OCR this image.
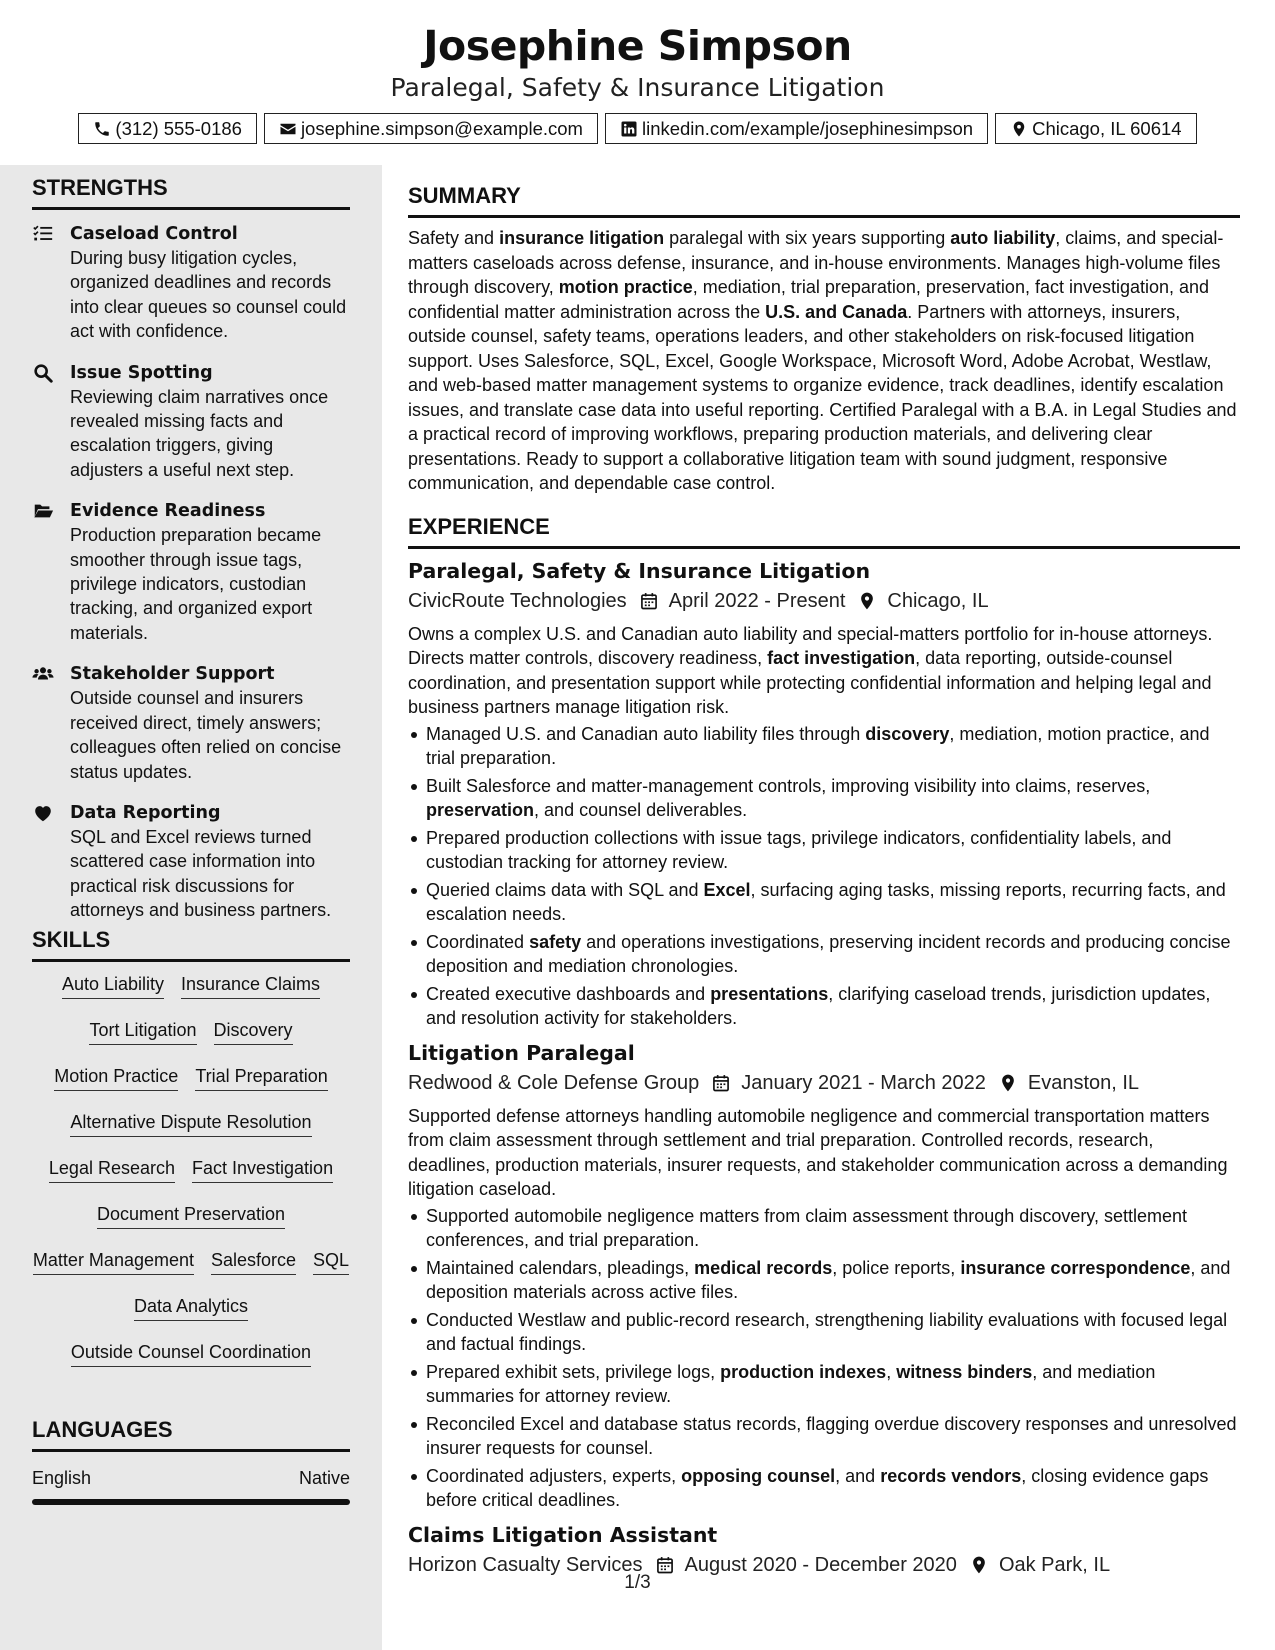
Josephine Simpson
Paralegal, Safety & Insurance Litigation
(312) 555-0186	josephine.simpson@example.com	linkedin.com/example/josephinesimpson	Chicago, IL 60614
STRENGTHS
Caseload Control
During busy litigation cycles, organized deadlines and records into clear queues so counsel could act with confidence.
Issue Spotting
Reviewing claim narratives once revealed missing facts and escalation triggers, giving adjusters a useful next step.
Evidence Readiness
Production preparation became smoother through issue tags, privilege indicators, custodian tracking, and organized export materials.
Stakeholder Support
Outside counsel and insurers received direct, timely answers; colleagues often relied on concise status updates.
Data Reporting
SQL and Excel reviews turned scattered case information into practical risk discussions for attorneys and business partners.
SKILLS
Auto Liability Insurance Claims
Tort Litigation Discovery
Motion Practice Trial Preparation
Alternative Dispute Resolution
Legal Research Fact Investigation
Document Preservation
Matter Management Salesforce SQL
Data Analytics
Outside Counsel Coordination
LANGUAGES
English	Native
SUMMARY

Safety and insurance litigation paralegal with six years supporting auto liability, claims, and special-matters caseloads across defense, insurance, and in-house environments. Manages high-volume files through discovery, motion practice, mediation, trial preparation, preservation, fact investigation, and confidential matter administration across the U.S. and Canada. Partners with attorneys, insurers, outside counsel, safety teams, operations leaders, and other stakeholders on risk-focused litigation support. Uses Salesforce, SQL, Excel, Google Workspace, Microsoft Word, Adobe Acrobat, Westlaw, and web-based matter management systems to organize evidence, track deadlines, identify escalation issues, and translate case data into useful reporting. Certified Paralegal with a B.A. in Legal Studies and a practical record of improving workflows, preparing production materials, and delivering clear presentations. Ready to support a collaborative litigation team with sound judgment, responsive communication, and dependable case control.

EXPERIENCE
Paralegal, Safety & Insurance Litigation
CivicRoute Technologies April 2022 - Present Chicago, IL

Owns a complex U.S. and Canadian auto liability and special-matters portfolio for in-house attorneys. Directs matter controls, discovery readiness, fact investigation, data reporting, outside-counsel coordination, and presentation support while protecting confidential information and helping legal and business partners manage litigation risk.

Managed U.S. and Canadian auto liability files through discovery, mediation, motion practice, and trial preparation.
Built Salesforce and matter-management controls, improving visibility into claims, reserves, preservation, and counsel deliverables.
Prepared production collections with issue tags, privilege indicators, confidentiality labels, and custodian tracking for attorney review.
Queried claims data with SQL and Excel, surfacing aging tasks, missing reports, recurring facts, and escalation needs.
Coordinated safety and operations investigations, preserving incident records and producing concise deposition and mediation chronologies.
Created executive dashboards and presentations, clarifying caseload trends, jurisdiction updates, and resolution activity for stakeholders.
Litigation Paralegal
Redwood & Cole Defense Group January 2021 - March 2022 Evanston, IL

Supported defense attorneys handling automobile negligence and commercial transportation matters from claim assessment through settlement and trial preparation. Controlled records, research, deadlines, production materials, insurer requests, and stakeholder communication across a demanding litigation caseload.

Supported automobile negligence matters from claim assessment through discovery, settlement conferences, and trial preparation.
Maintained calendars, pleadings, medical records, police reports, insurance correspondence, and deposition materials across active files.
Conducted Westlaw and public-record research, strengthening liability evaluations with focused legal and factual findings.
Prepared exhibit sets, privilege logs, production indexes, witness binders, and mediation summaries for attorney review.
Reconciled Excel and database status records, flagging overdue discovery responses and unresolved insurer requests for counsel.
Coordinated adjusters, experts, opposing counsel, and records vendors, closing evidence gaps before critical deadlines.
Claims Litigation Assistant
Horizon Casualty Services August 2020 - December 2020 Oak Park, IL
1/3
